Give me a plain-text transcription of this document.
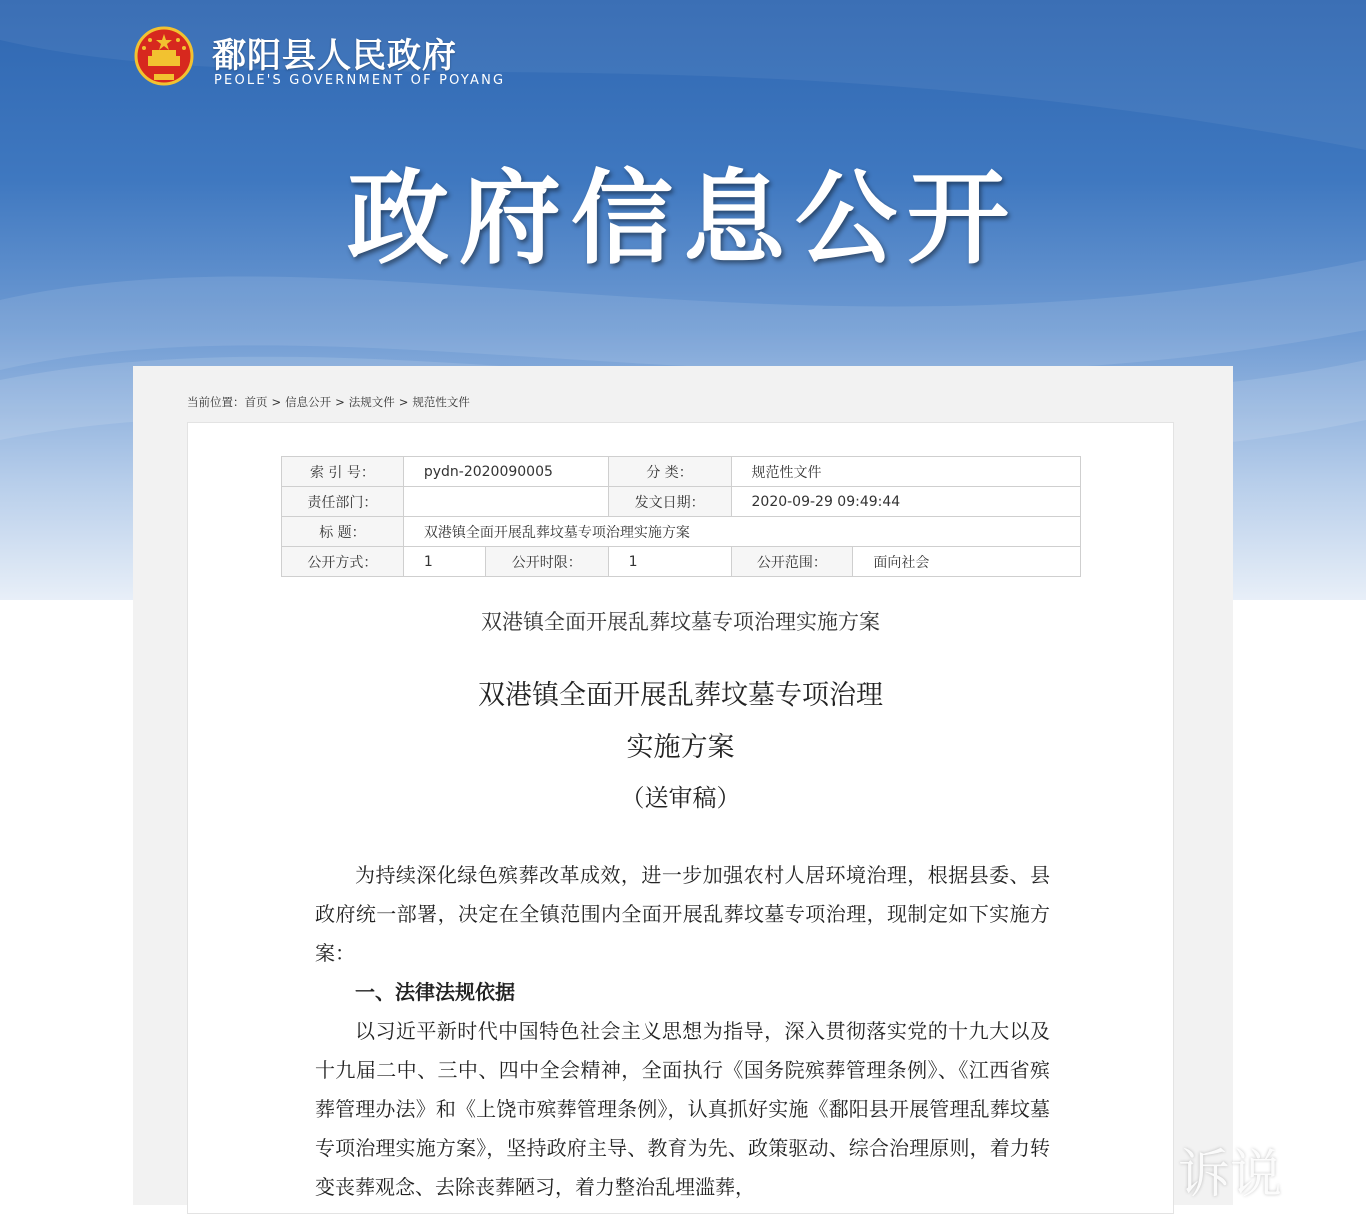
鄱阳县人民政府
PEOLE'S GOVERNMENT OF POYANG
政府信息公开
当前位置：首页 > 信息公开 > 法规文件 > 规范性文件
索 引 号：	pydn-2020090005		分 类：	规范性文件	
责任部门：			发文日期：	2020-09-29 09:49:44	
标 题：	双港镇全面开展乱葬坟墓专项治理实施方案				
公开方式：	1	公开时限：	1	公开范围：	面向社会
双港镇全面开展乱葬坟墓专项治理实施方案
双港镇全面开展乱葬坟墓专项治理
实施方案
（送审稿）

为持续深化绿色殡葬改革成效，进一步加强农村人居环境治理，根据县委、县政府统一部署，决定在全镇范围内全面开展乱葬坟墓专项治理，现制定如下实施方案：

一、法律法规依据

以习近平新时代中国特色社会主义思想为指导，深入贯彻落实党的十九大以及十九届二中、三中、四中全会精神，全面执行《国务院殡葬管理条例》、《江西省殡葬管理办法》和《上饶市殡葬管理条例》，认真抓好实施《鄱阳县开展管理乱葬坟墓专项治理实施方案》，坚持政府主导、教育为先、政策驱动、综合治理原则，着力转变丧葬观念、去除丧葬陋习，着力整治乱埋滥葬，	诉说
